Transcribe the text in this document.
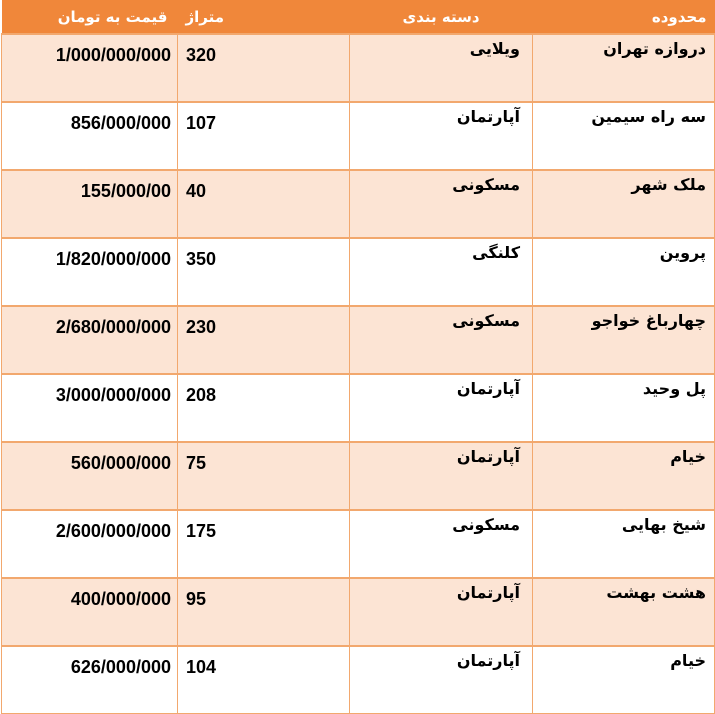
محدوده	دسته بندی	متراژ	قیمت به تومان
دروازه تهران	ویلایی	320	1/000/000/000
سه راه سیمین	آپارتمان	107	856/000/000
ملک شهر	مسکونی	40	155/000/00
پروین	کلنگی	350	1/820/000/000
چهارباغ خواجو	مسکونی	230	2/680/000/000
پل وحید	آپارتمان	208	3/000/000/000
خیام	آپارتمان	75	560/000/000
شیخ بهایی	مسکونی	175	2/600/000/000
هشت بهشت	آپارتمان	95	400/000/000
خیام	آپارتمان	104	626/000/000
